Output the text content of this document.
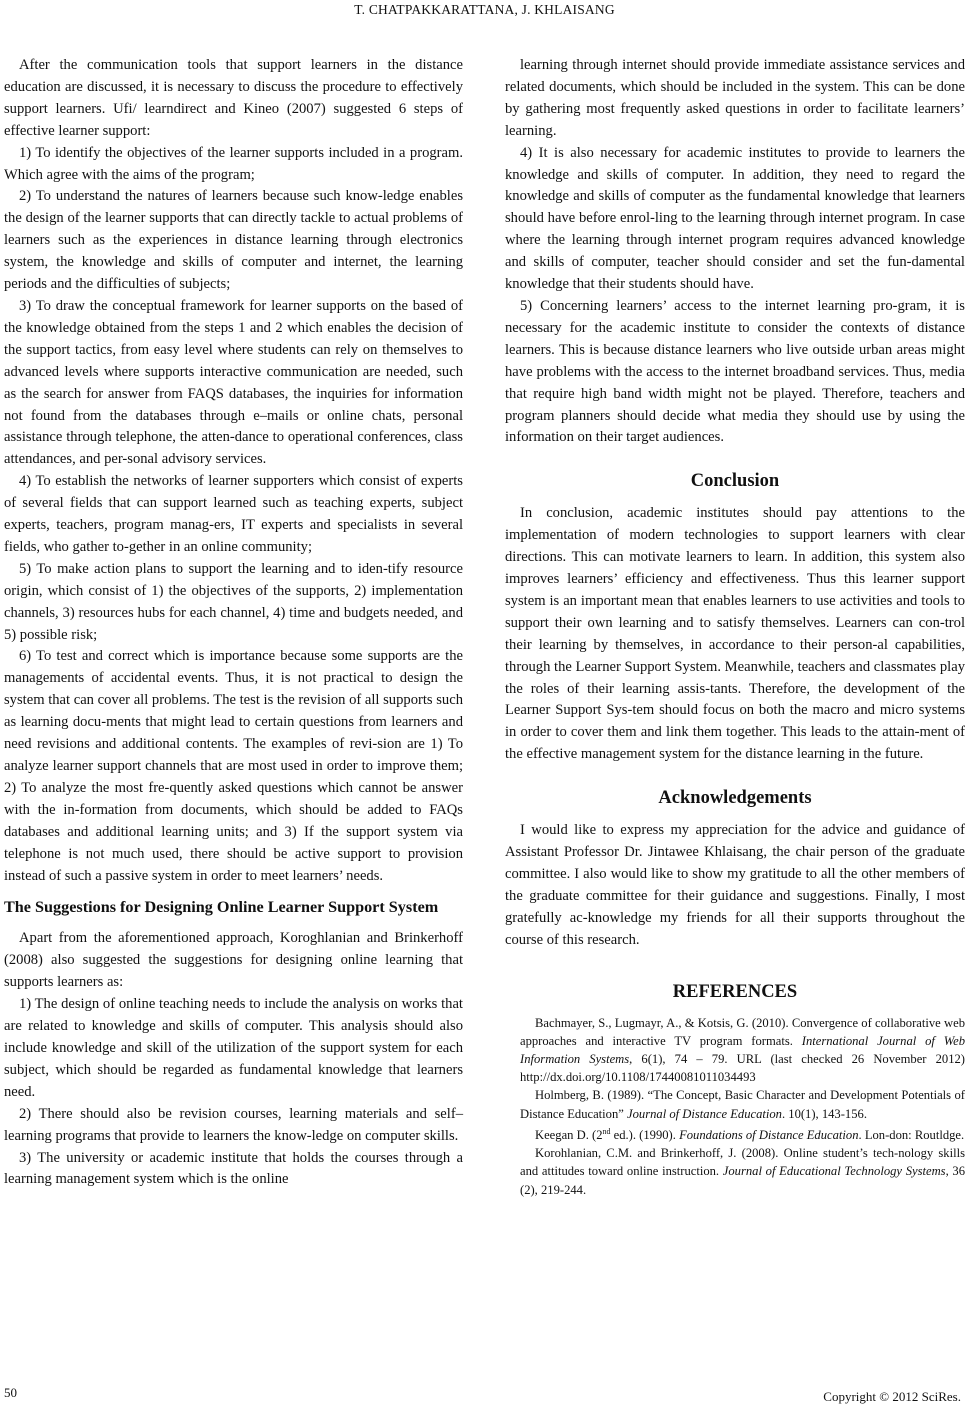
T. CHATPAKKARATTANA, J. KHLAISANG

After the communication tools that support learners in the distance education are discussed, it is necessary to discuss the procedure to effectively support learners. Ufi/ learndirect and Kineo (2007) suggested 6 steps of effective learner support:

1) To identify the objectives of the learner supports included in a program. Which agree with the aims of the program;

2) To understand the natures of learners because such know-ledge enables the design of the learner supports that can directly tackle to actual problems of learners such as the experiences in distance learning through electronics system, the knowledge and skills of computer and internet, the learning periods and the difficulties of subjects;

3) To draw the conceptual framework for learner supports on the based of the knowledge obtained from the steps 1 and 2 which enables the decision of the support tactics, from easy level where students can rely on themselves to advanced levels where supports interactive communication are needed, such as the search for answer from FAQS databases, the inquiries for information not found from the databases through e–mails or online chats, personal assistance through telephone, the atten-dance to operational conferences, class attendances, and per-sonal advisory services.

4) To establish the networks of learner supporters which consist of experts of several fields that can support learned such as teaching experts, subject experts, teachers, program manag-ers, IT experts and specialists in several fields, who gather to-gether in an online community;

5) To make action plans to support the learning and to iden-tify resource origin, which consist of 1) the objectives of the supports, 2) implementation channels, 3) resources hubs for each channel, 4) time and budgets needed, and 5) possible risk;

6) To test and correct which is importance because some supports are the managements of accidental events. Thus, it is not practical to design the system that can cover all problems. The test is the revision of all supports such as learning docu-ments that might lead to certain questions from learners and need revisions and additional contents. The examples of revi-sion are 1) To analyze learner support channels that are most used in order to improve them; 2) To analyze the most fre-quently asked questions which cannot be answer with the in-formation from documents, which should be added to FAQs databases and additional learning units; and 3) If the support system via telephone is not much used, there should be active support to provision instead of such a passive system in order to meet learners’ needs.

The Suggestions for Designing Online Learner Support System

Apart from the aforementioned approach, Koroghlanian and Brinkerhoff (2008) also suggested the suggestions for designing online learning that supports learners as:

1) The design of online teaching needs to include the analysis on works that are related to knowledge and skills of computer. This analysis should also include knowledge and skill of the utilization of the support system for each subject, which should be regarded as fundamental knowledge that learners need.

2) There should also be revision courses, learning materials and self–learning programs that provide to learners the know-ledge on computer skills.

3) The university or academic institute that holds the courses through a learning management system which is the online

learning through internet should provide immediate assistance services and related documents, which should be included in the system. This can be done by gathering most frequently asked questions in order to facilitate learners’ learning.

4) It is also necessary for academic institutes to provide to learners the knowledge and skills of computer. In addition, they need to regard the knowledge and skills of computer as the fundamental knowledge that learners should have before enrol-ling to the learning through internet program. In case where the learning through internet program requires advanced knowledge and skills of computer, teacher should consider and set the fun-damental knowledge that their students should have.

5) Concerning learners’ access to the internet learning pro-gram, it is necessary for the academic institute to consider the contexts of distance learners. This is because distance learners who live outside urban areas might have problems with the access to the internet broadband services. Thus, media that require high band width might not be played. Therefore, teachers and program planners should decide what media they should use by using the information on their target audiences.

Conclusion

In conclusion, academic institutes should pay attentions to the implementation of modern technologies to support learners with clear directions. This can motivate learners to learn. In addition, this system also improves learners’ efficiency and effectiveness. Thus this learner support system is an important mean that enables learners to use activities and tools to support their own learning and to satisfy themselves. Learners can con-trol their learning by themselves, in accordance to their person-al capabilities, through the Learner Support System. Meanwhile, teachers and classmates play the roles of their learning assis-tants. Therefore, the development of the Learner Support Sys-tem should focus on both the macro and micro systems in order to cover them and link them together. This leads to the attain-ment of the effective management system for the distance learning in the future.

Acknowledgements

I would like to express my appreciation for the advice and guidance of Assistant Professor Dr. Jintawee Khlaisang, the chair person of the graduate committee. I also would like to show my gratitude to all the other members of the graduate committee for their guidance and suggestions. Finally, I most gratefully ac-knowledge my friends for all their supports throughout the course of this research.

REFERENCES

Bachmayer, S., Lugmayr, A., & Kotsis, G. (2010). Convergence of collaborative web approaches and interactive TV program formats. International Journal of Web Information Systems, 6(1), 74 – 79. URL (last checked 26 November 2012) http://dx.doi.org/10.1108/17440081011034493

Holmberg, B. (1989). “The Concept, Basic Character and Development Potentials of Distance Education” Journal of Distance Education. 10(1), 143-156.

Keegan D. (2nd ed.). (1990). Foundations of Distance Education. Lon-don: Routldge.

Korohlanian, C.M. and Brinkerhoff, J. (2008). Online student’s tech-nology skills and attitudes toward online instruction. Journal of Educational Technology Systems, 36 (2), 219-244.

50	Copyright © 2012 SciRes.
